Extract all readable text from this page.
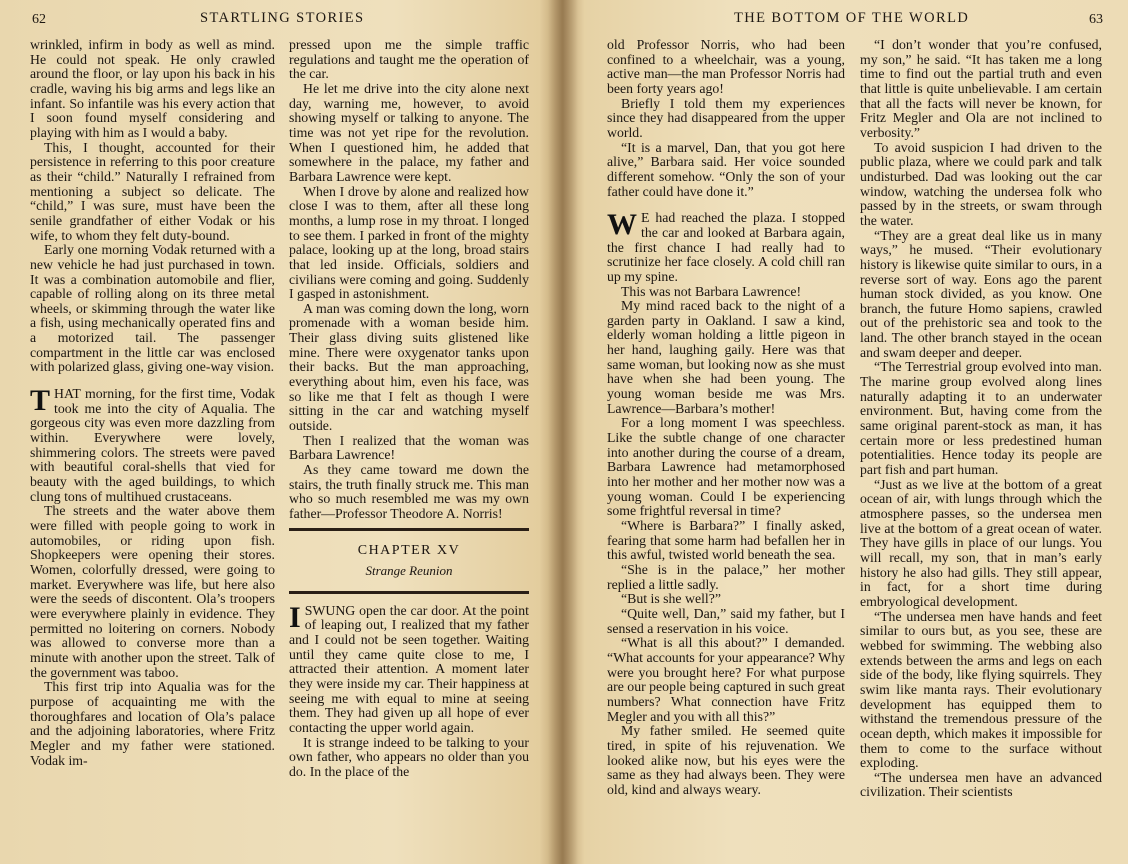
62	STARTLING STORIES

wrinkled, infirm in body as well as mind. He could not speak. He only crawled around the floor, or lay upon his back in his cradle, waving his big arms and legs like an infant. So infantile was his every action that I soon found myself considering and playing with him as I would a baby.

This, I thought, accounted for their persistence in referring to this poor creature as their “child.” Naturally I refrained from mentioning a subject so delicate. The “child,” I was sure, must have been the senile grandfather of either Vodak or his wife, to whom they felt duty-bound.

Early one morning Vodak returned with a new vehicle he had just purchased in town. It was a combination automobile and flier, capable of rolling along on its three metal wheels, or skimming through the water like a fish, using mechanically operated fins and a motorized tail. The passenger compartment in the little car was enclosed with polarized glass, giving one-way vision.

THAT morning, for the first time, Vodak took me into the city of Aqualia. The gorgeous city was even more dazzling from within. Everywhere were lovely, shimmering colors. The streets were paved with beautiful coral-shells that vied for beauty with the aged buildings, to which clung tons of multihued crustaceans.

The streets and the water above them were filled with people going to work in automobiles, or riding upon fish. Shopkeepers were opening their stores. Women, colorfully dressed, were going to market. Everywhere was life, but here also were the seeds of discontent. Ola’s troopers were everywhere plainly in evidence. They permitted no loitering on corners. Nobody was allowed to converse more than a minute with another upon the street. Talk of the government was taboo.

This first trip into Aqualia was for the purpose of acquainting me with the thoroughfares and location of Ola’s palace and the adjoining laboratories, where Fritz Megler and my father were stationed. Vodak im-

pressed upon me the simple traffic regulations and taught me the operation of the car.

He let me drive into the city alone next day, warning me, however, to avoid showing myself or talking to anyone. The time was not yet ripe for the revolution. When I questioned him, he added that somewhere in the palace, my father and Barbara Lawrence were kept.

When I drove by alone and realized how close I was to them, after all these long months, a lump rose in my throat. I longed to see them. I parked in front of the mighty palace, looking up at the long, broad stairs that led inside. Officials, soldiers and civilians were coming and going. Suddenly I gasped in astonishment.

A man was coming down the long, worn promenade with a woman beside him. Their glass diving suits glistened like mine. There were oxygenator tanks upon their backs. But the man approaching, everything about him, even his face, was so like me that I felt as though I were sitting in the car and watching myself outside.

Then I realized that the woman was Barbara Lawrence!

As they came toward me down the stairs, the truth finally struck me. This man who so much resembled me was my own father—Professor Theodore A. Norris!

CHAPTER XV
Strange Reunion

I SWUNG open the car door. At the point of leaping out, I realized that my father and I could not be seen together. Waiting until they came quite close to me, I attracted their attention. A moment later they were inside my car. Their happiness at seeing me with equal to mine at seeing them. They had given up all hope of ever contacting the upper world again.

It is strange indeed to be talking to your own father, who appears no older than you do. In the place of the

THE BOTTOM OF THE WORLD	63

old Professor Norris, who had been confined to a wheelchair, was a young, active man—the man Professor Norris had been forty years ago!

Briefly I told them my experiences since they had disappeared from the upper world.

“It is a marvel, Dan, that you got here alive,” Barbara said. Her voice sounded different somehow. “Only the son of your father could have done it.”

W E had reached the plaza. I stopped the car and looked at Barbara again, the first chance I had really had to scrutinize her face closely. A cold chill ran up my spine.

This was not Barbara Lawrence!

My mind raced back to the night of a garden party in Oakland. I saw a kind, elderly woman holding a little pigeon in her hand, laughing gaily. Here was that same woman, but looking now as she must have when she had been young. The young woman beside me was Mrs. Lawrence—Barbara’s mother!

For a long moment I was speechless. Like the subtle change of one character into another during the course of a dream, Barbara Lawrence had metamorphosed into her mother and her mother now was a young woman. Could I be experiencing some frightful reversal in time?

“Where is Barbara?” I finally asked, fearing that some harm had befallen her in this awful, twisted world beneath the sea.

“She is in the palace,” her mother replied a little sadly.

“But is she well?”

“Quite well, Dan,” said my father, but I sensed a reservation in his voice.

“What is all this about?” I demanded. “What accounts for your appearance? Why were you brought here? For what purpose are our people being captured in such great numbers? What connection have Fritz Megler and you with all this?”

My father smiled. He seemed quite tired, in spite of his rejuvenation. We looked alike now, but his eyes were the same as they had always been. They were old, kind and always weary.

“I don’t wonder that you’re confused, my son,” he said. “It has taken me a long time to find out the partial truth and even that little is quite unbelievable. I am certain that all the facts will never be known, for Fritz Megler and Ola are not inclined to verbosity.”

To avoid suspicion I had driven to the public plaza, where we could park and talk undisturbed. Dad was looking out the car window, watching the undersea folk who passed by in the streets, or swam through the water.

“They are a great deal like us in many ways,” he mused. “Their evolutionary history is likewise quite similar to ours, in a reverse sort of way. Eons ago the parent human stock divided, as you know. One branch, the future Homo sapiens, crawled out of the prehistoric sea and took to the land. The other branch stayed in the ocean and swam deeper and deeper.

“The Terrestrial group evolved into man. The marine group evolved along lines naturally adapting it to an underwater environment. But, having come from the same original parent-stock as man, it has certain more or less predestined human potentialities. Hence today its people are part fish and part human.

“Just as we live at the bottom of a great ocean of air, with lungs through which the atmosphere passes, so the undersea men live at the bottom of a great ocean of water. They have gills in place of our lungs. You will recall, my son, that in man’s early history he also had gills. They still appear, in fact, for a short time during embryological development.

“The undersea men have hands and feet similar to ours but, as you see, these are webbed for swimming. The webbing also extends between the arms and legs on each side of the body, like flying squirrels. They swim like manta rays. Their evolutionary development has equipped them to withstand the tremendous pressure of the ocean depth, which makes it impossible for them to come to the surface without exploding.

“The undersea men have an advanced civilization. Their scientists
